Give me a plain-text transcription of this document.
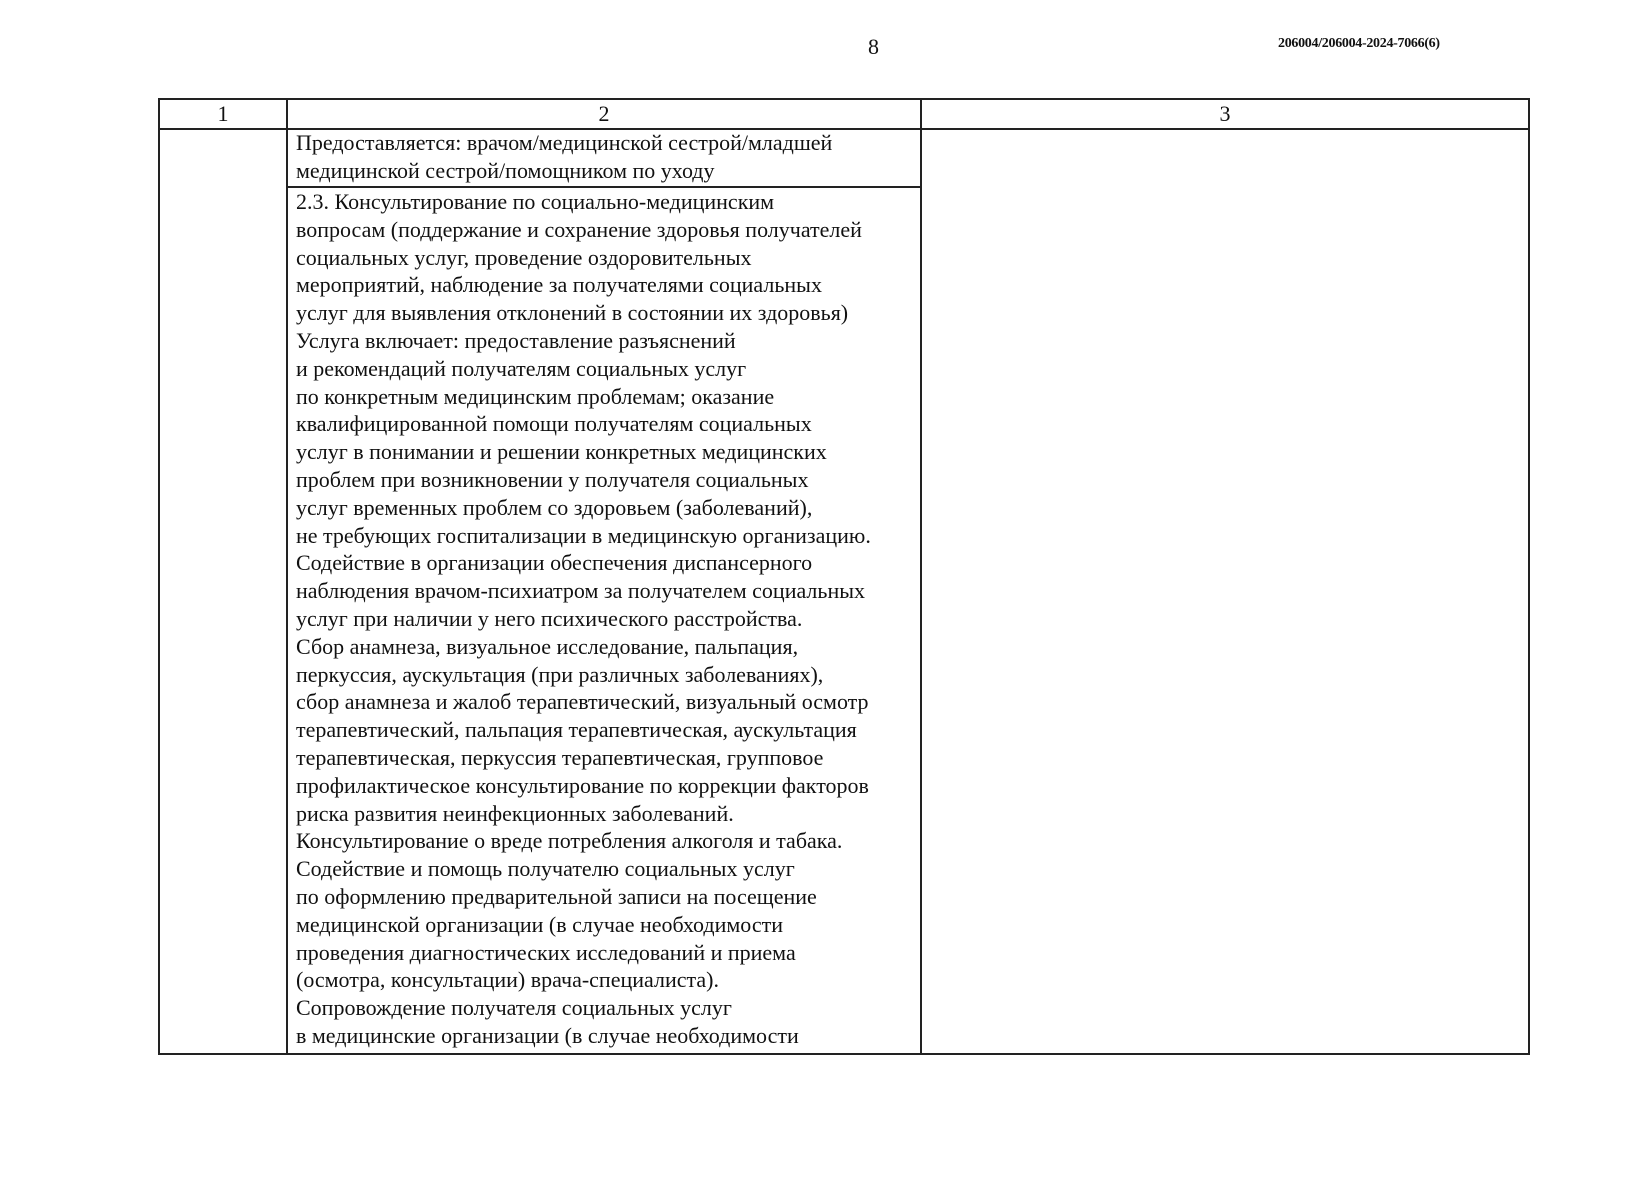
8	206004/206004-2024-7066(6)
1	2	3
Предоставляется: врачом/медицинской сестрой/младшей
медицинской сестрой/помощником по уходу
2.3. Консультирование по социально-медицинским
вопросам (поддержание и сохранение здоровья получателей
социальных услуг, проведение оздоровительных
мероприятий, наблюдение за получателями социальных
услуг для выявления отклонений в состоянии их здоровья)
Услуга включает: предоставление разъяснений
и рекомендаций получателям социальных услуг
по конкретным медицинским проблемам; оказание
квалифицированной помощи получателям социальных
услуг в понимании и решении конкретных медицинских
проблем при возникновении у получателя социальных
услуг временных проблем со здоровьем (заболеваний),
не требующих госпитализации в медицинскую организацию.
Содействие в организации обеспечения диспансерного
наблюдения врачом-психиатром за получателем социальных
услуг при наличии у него психического расстройства.
Сбор анамнеза, визуальное исследование, пальпация,
перкуссия, аускультация (при различных заболеваниях),
сбор анамнеза и жалоб терапевтический, визуальный осмотр
терапевтический, пальпация терапевтическая, аускультация
терапевтическая, перкуссия терапевтическая, групповое
профилактическое консультирование по коррекции факторов
риска развития неинфекционных заболеваний.
Консультирование о вреде потребления алкоголя и табака.
Содействие и помощь получателю социальных услуг
по оформлению предварительной записи на посещение
медицинской организации (в случае необходимости
проведения диагностических исследований и приема
(осмотра, консультации) врача-специалиста).
Сопровождение получателя социальных услуг
в медицинские организации (в случае необходимости
